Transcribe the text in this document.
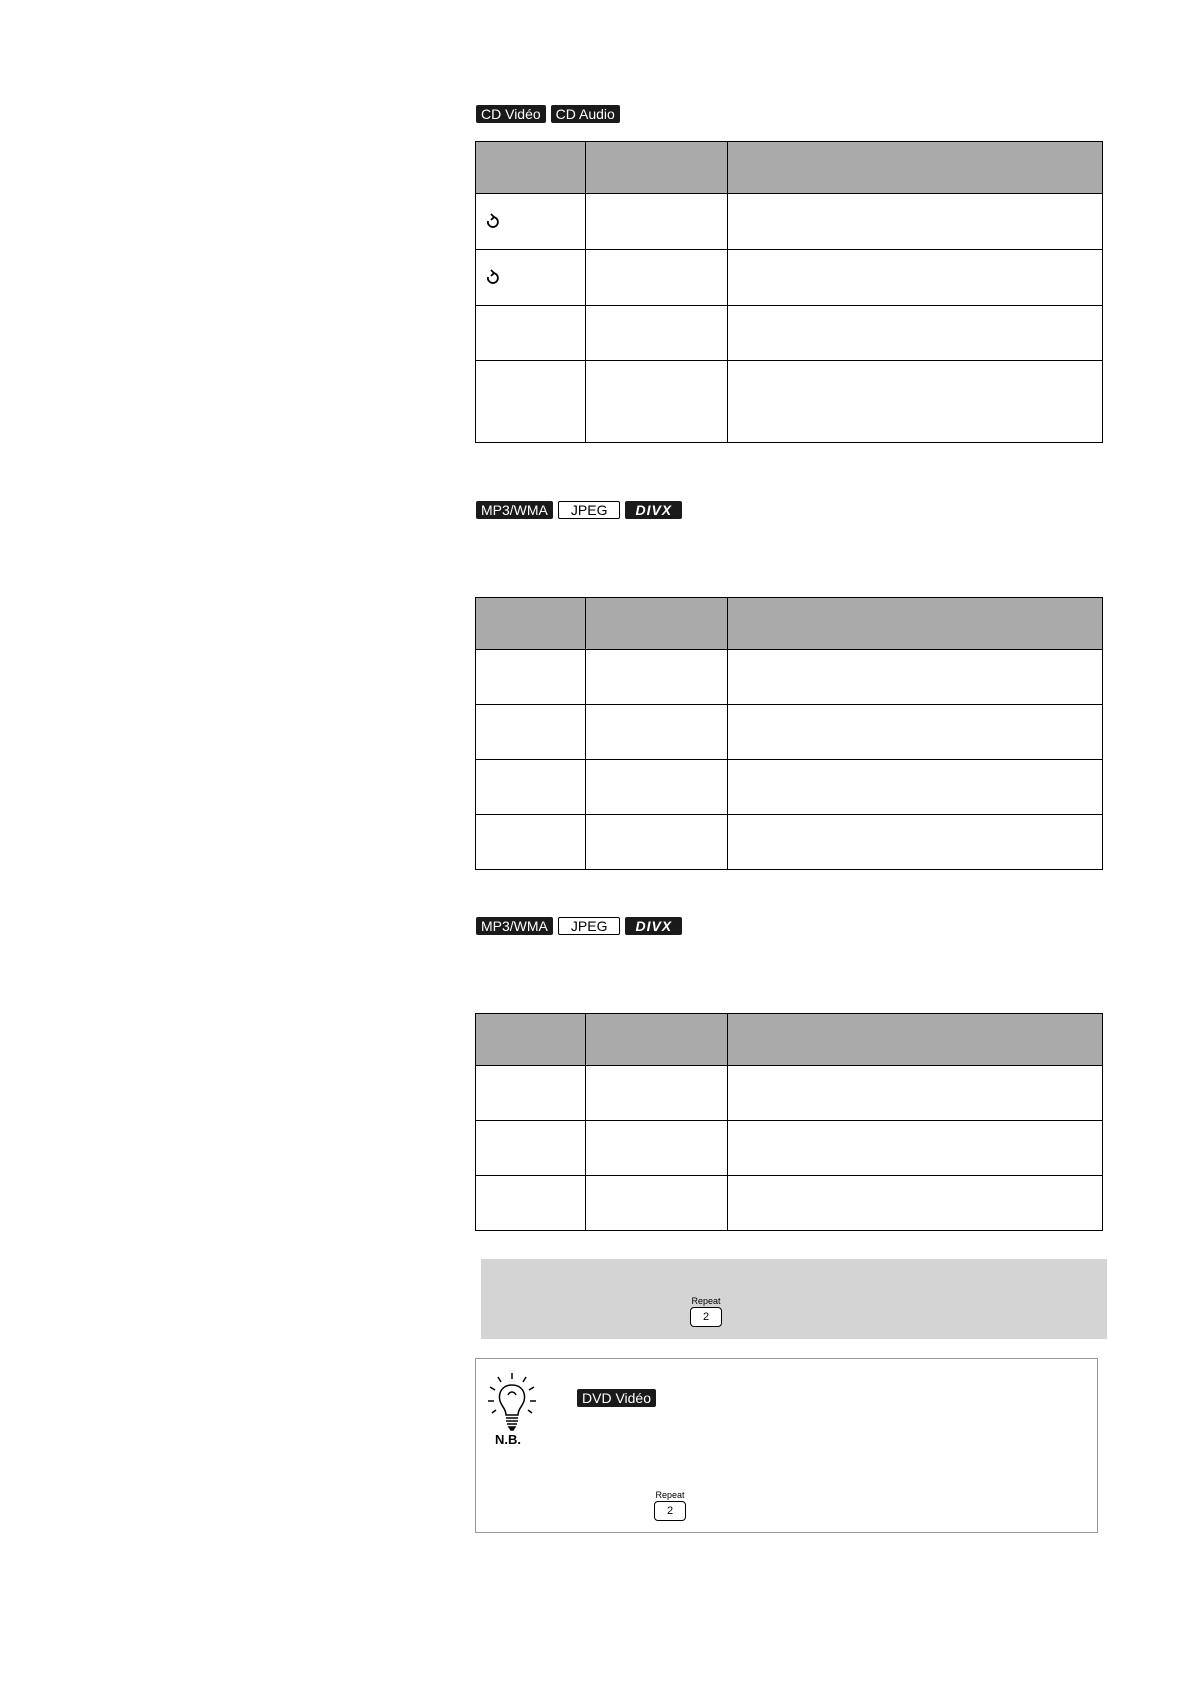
CD Vidéo	CD Audio

MP3/WMA	JPEG	DIVX

MP3/WMA	JPEG	DIVX

Repeat
2
N.B.
DVD Vidéo
Repeat
2
